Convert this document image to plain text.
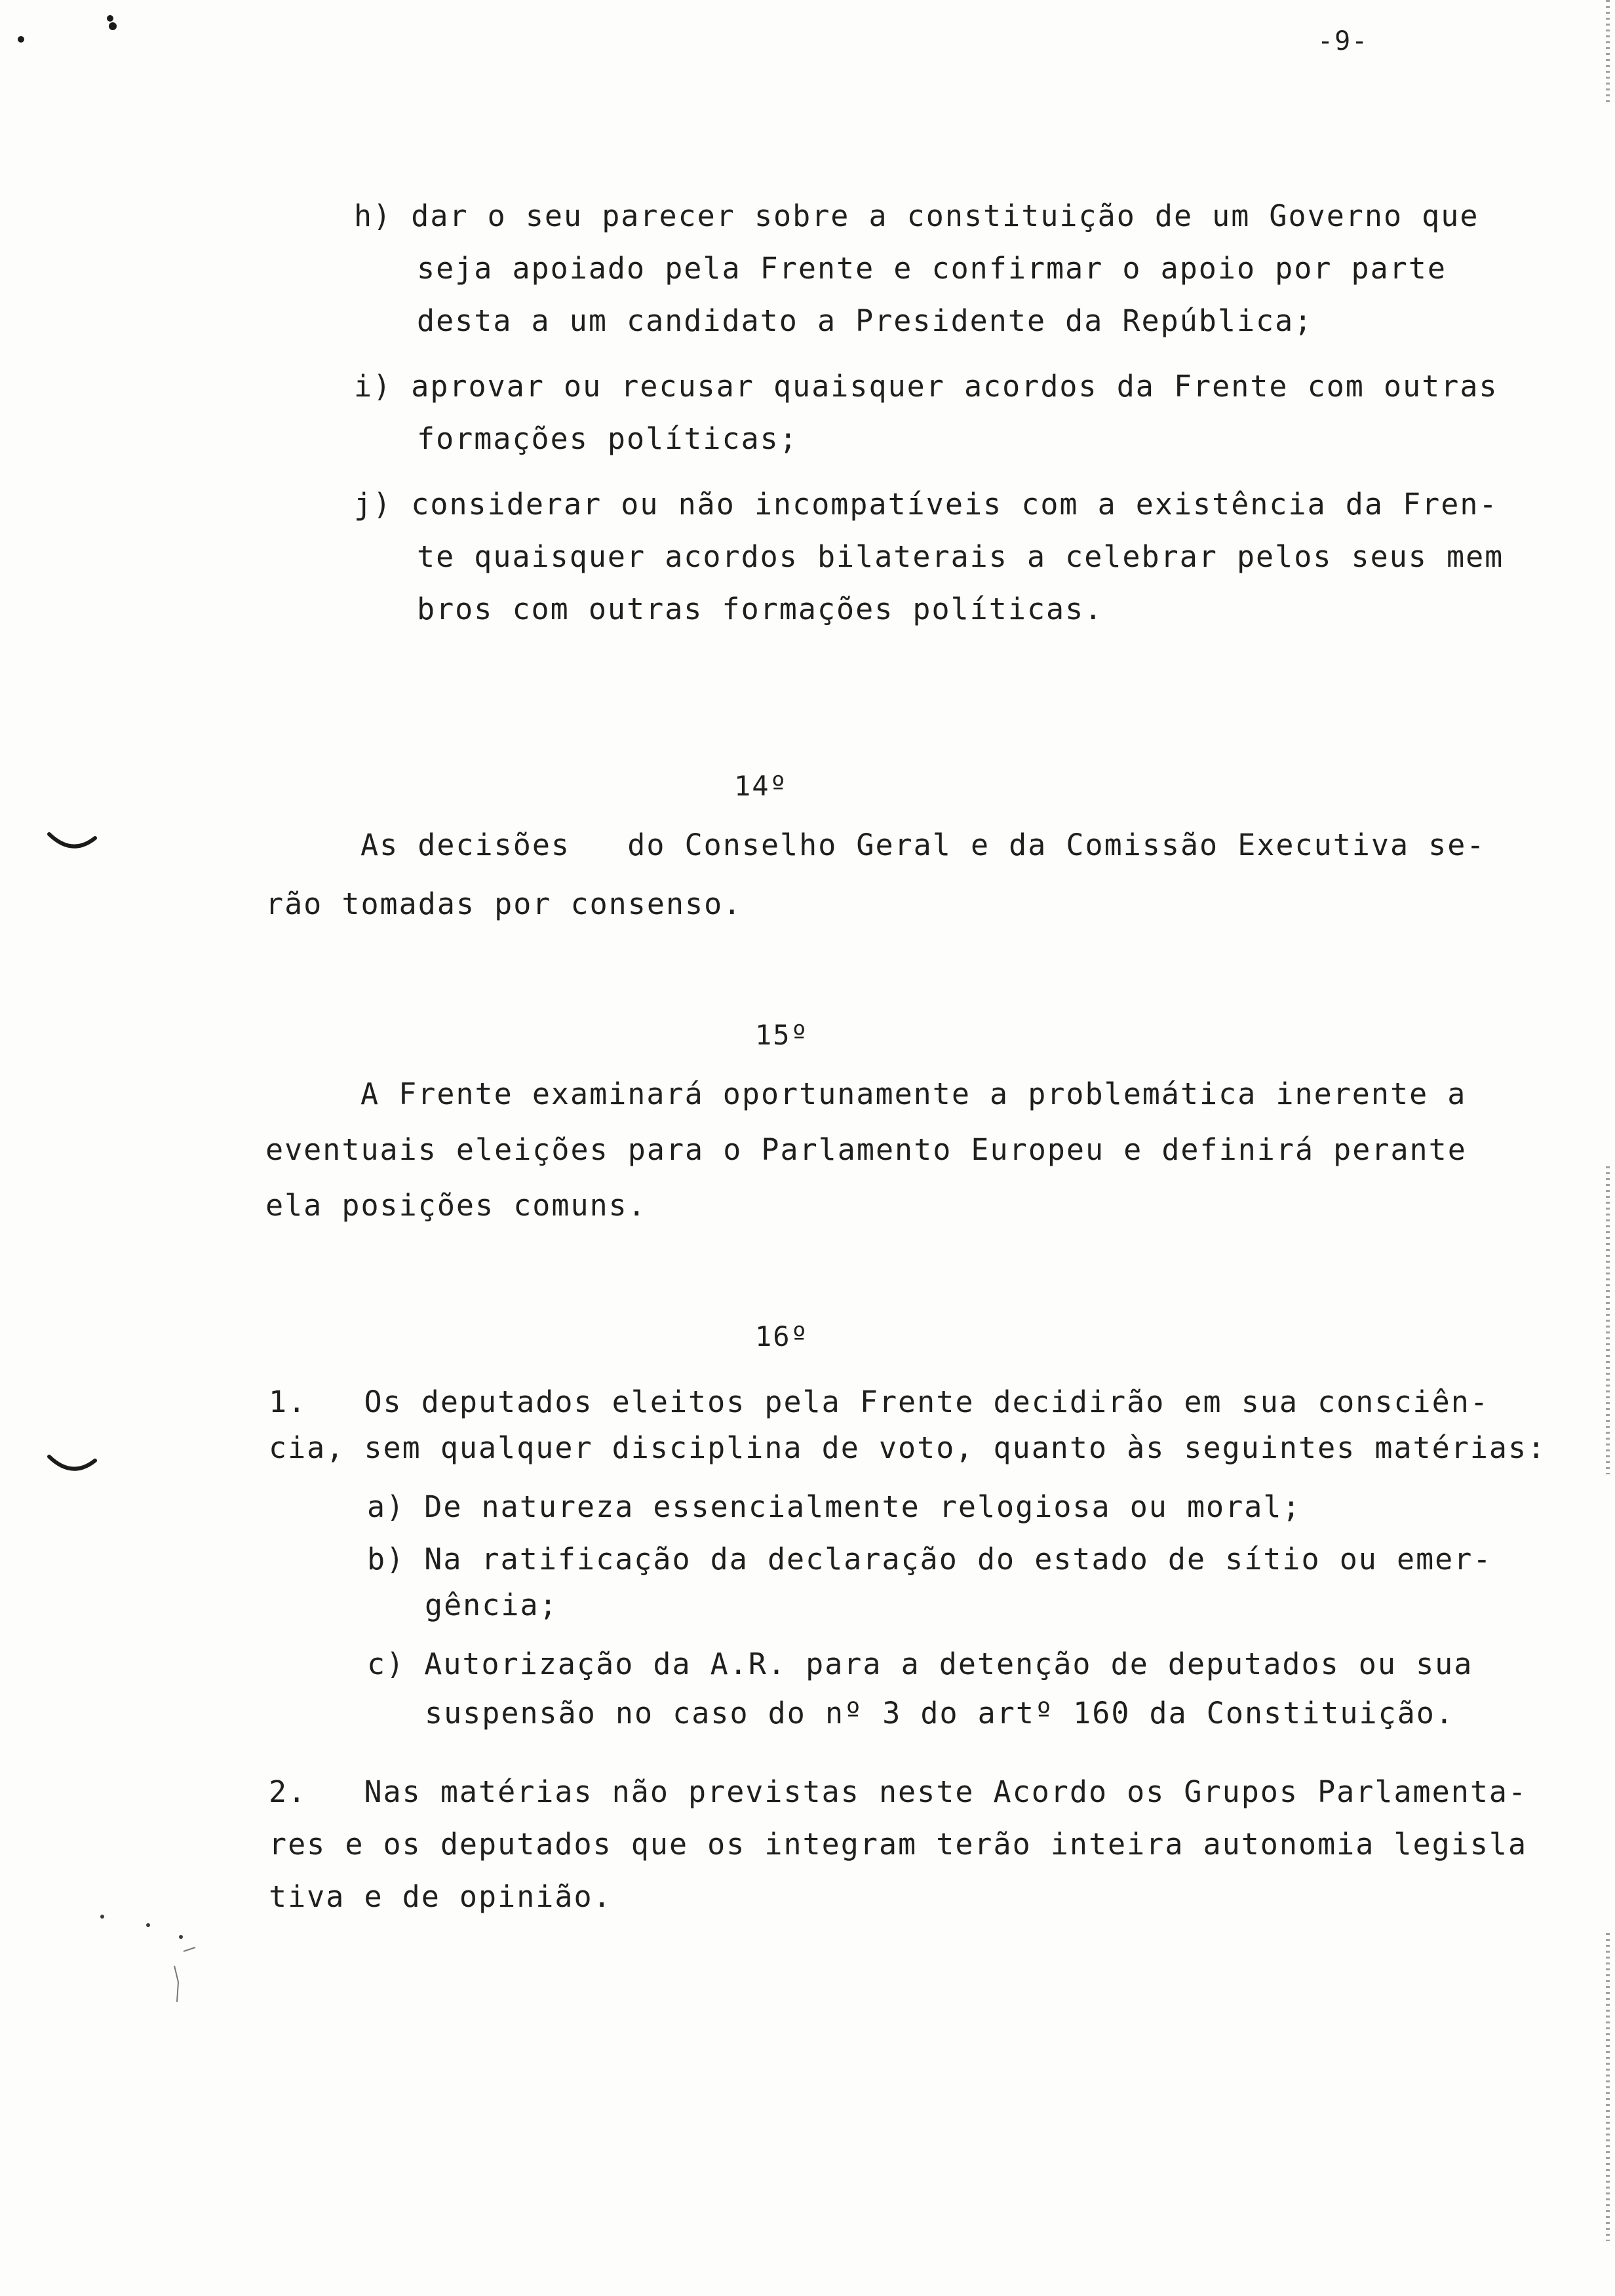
-9-
h) dar o seu parecer sobre a constituição de um Governo que
seja apoiado pela Frente e confirmar o apoio por parte
desta a um candidato a Presidente da República;
i) aprovar ou recusar quaisquer acordos da Frente com outras
formações políticas;
j) considerar ou não incompatíveis com a existência da Fren-
te quaisquer acordos bilaterais a celebrar pelos seus mem
bros com outras formações políticas.
14º
As decisões   do Conselho Geral e da Comissão Executiva se-
rão tomadas por consenso.
15º
A Frente examinará oportunamente a problemática inerente a
eventuais eleições para o Parlamento Europeu e definirá perante
ela posições comuns.
16º
1.   Os deputados eleitos pela Frente decidirão em sua consciên-
cia, sem qualquer disciplina de voto, quanto às seguintes matérias:
a) De natureza essencialmente relogiosa ou moral;
b) Na ratificação da declaração do estado de sítio ou emer-
gência;
c) Autorização da A.R. para a detenção de deputados ou sua
suspensão no caso do nº 3 do artº 160 da Constituição.
2.   Nas matérias não previstas neste Acordo os Grupos Parlamenta-
res e os deputados que os integram terão inteira autonomia legisla
tiva e de opinião.
